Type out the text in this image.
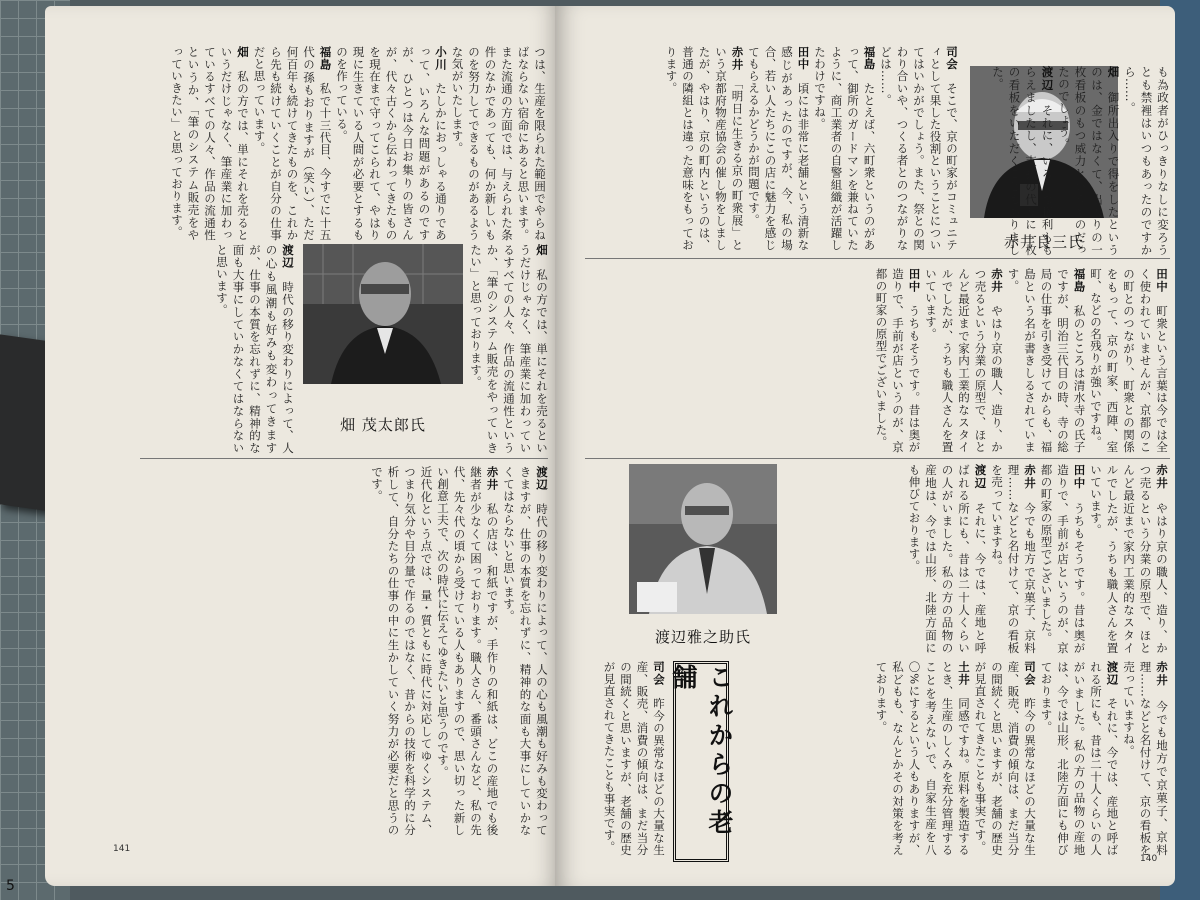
5
つは、生産を限られた範囲でやらねばならない宿命にあると思います。また流通の方面では、与えられた条件のなかであっても、何か新しいものを努力してできるものがあるような気がいたします。
小川　たしかにおっしゃる通りであって、いろんな問題があるのですが、ひとつは今日お集りの皆さんが、代々古くから伝わってきたものを現在まで守ってこられて、やはり現に生きている人間が必要とするものを作っている。
福島　私で十三代目、今すでに十五代の孫もおりますが（笑い）、ただ何百年も続けてきたものを、これから先も続けていくことが自分の仕事だと思っています。
畑　私の方では、単にそれを売るというだけじゃなく、筆産業に加わっているすべての人々、作品の流通性というか、「筆のシステム販売をやっていきたい」と思っております。
畑 茂太郎氏
渡辺　時代の移り変わりによって、人の心も風潮も好みも変わってきますが、仕事の本質を忘れずに、精神的な面も大事にしていかなくてはならないと思います。	畑　私の方では、単にそれを売るというだけじゃなく、筆産業に加わっているすべての人々、作品の流通性というか、「筆のシステム販売をやっていきたい」と思っております。
渡辺　時代の移り変わりによって、人の心も風潮も好みも変わってきますが、仕事の本質を忘れずに、精神的な面も大事にしていかなくてはならないと思います。
赤井　私の店は、和紙ですが、手作りの和紙は、どこの産地でも後継者が少なくて困っております。職人さん、番頭さんなど、私の先代、先々代の頃から受けている人もありますので、思い切った新しい創意工夫で、次の時代に伝えてゆきたいと思うのです。
近代化という点では、量・質ともに時代に対応してゆくシステム、つまり気分や目分量で作るのではなく、昔からの技術を科学的に分析して、自分たちの仕事の中に生かしていく努力が必要だと思うのです。
141
司会　そこで、京の町家がコミュニティとして果した役割ということについてはいかがでしょう。また、祭との関わり合いや、つくる者とのつながりなどは……。
福島　たとえば、六町衆というのがあって、御所のガードマンを兼ねていたように、商工業者の自警組織が活躍したわけですね。
田中　頃には非常に老舗という清新な感じがあったのですが、今、私の場合、若い人たちにこの店に魅力を感じてもらえるかどうかが問題です。
赤井　「明日に生きる京の町衆展」という京都府物産協会の催し物をしましたが、やはり、京の町内というのは、普通の隣組とは違った意味をもっております。
赤井良三氏	も為政者がひっきりなしに変ろうとも禁裡はいつもあったのですから……。
畑　御所出入りで得をしたというのは、金ではなくて、出入りの一枚看板のもつ威力というものだったのでしょう。
渡辺　それに、いろんな権利ももらえましたし、支払の代りに一枚の看板をいただくこともありました。
田中　町衆という言葉は今では全く使われていませんが、京都のこの町とのつながり、町衆との関係をもって、京の町家、西陣、室町、などの名残りが強いですね。
福島　私のところは清水寺の氏子ですが、明治三代目の時、寺の総局の仕事を引き受けてからも、福島という名が書きしるされています。
赤井　やはり京の職人、造り、かつ売るという分業の原型で、ほとんど最近まで家内工業的なスタイルでしたが、うちも職人さんを置いています。
田中　うちもそうです。昔は奥が造りで、手前が店というのが、京都の町家の原型でございました。
渡辺雅之助氏
赤井　やはり京の職人、造り、かつ売るという分業の原型で、ほとんど最近まで家内工業的なスタイルでしたが、うちも職人さんを置いています。
田中　うちもそうです。昔は奥が造りで、手前が店というのが、京都の町家の原型でございました。
赤井　今でも地方で京菓子、京料理……などと名付けて、京の看板を売っていますね。
渡辺　それに、今では、産地と呼ばれる所にも、昔は二十人くらいの人がいました。私の方の品物の産地は、今では山形、北陸方面にも伸びております。
これからの老舗
司会　昨今の異常なほどの大量な生産、販売、消費の傾向は、まだ当分の間続くと思いますが、老舗の歴史が見直されてきたことも事実です。	赤井　今でも地方で京菓子、京料理……などと名付けて、京の看板を売っていますね。
渡辺　それに、今では、産地と呼ばれる所にも、昔は二十人くらいの人がいました。私の方の品物の産地は、今では山形、北陸方面にも伸びております。
司会　昨今の異常なほどの大量な生産、販売、消費の傾向は、まだ当分の間続くと思いますが、老舗の歴史が見直されてきたことも事実です。
土井　同感ですね。原料を製造するとき、生産のしくみを充分管理することを考えないで、自家生産を八〇%にするという人もありますが、私どもも、なんとかその対策を考えております。
140
